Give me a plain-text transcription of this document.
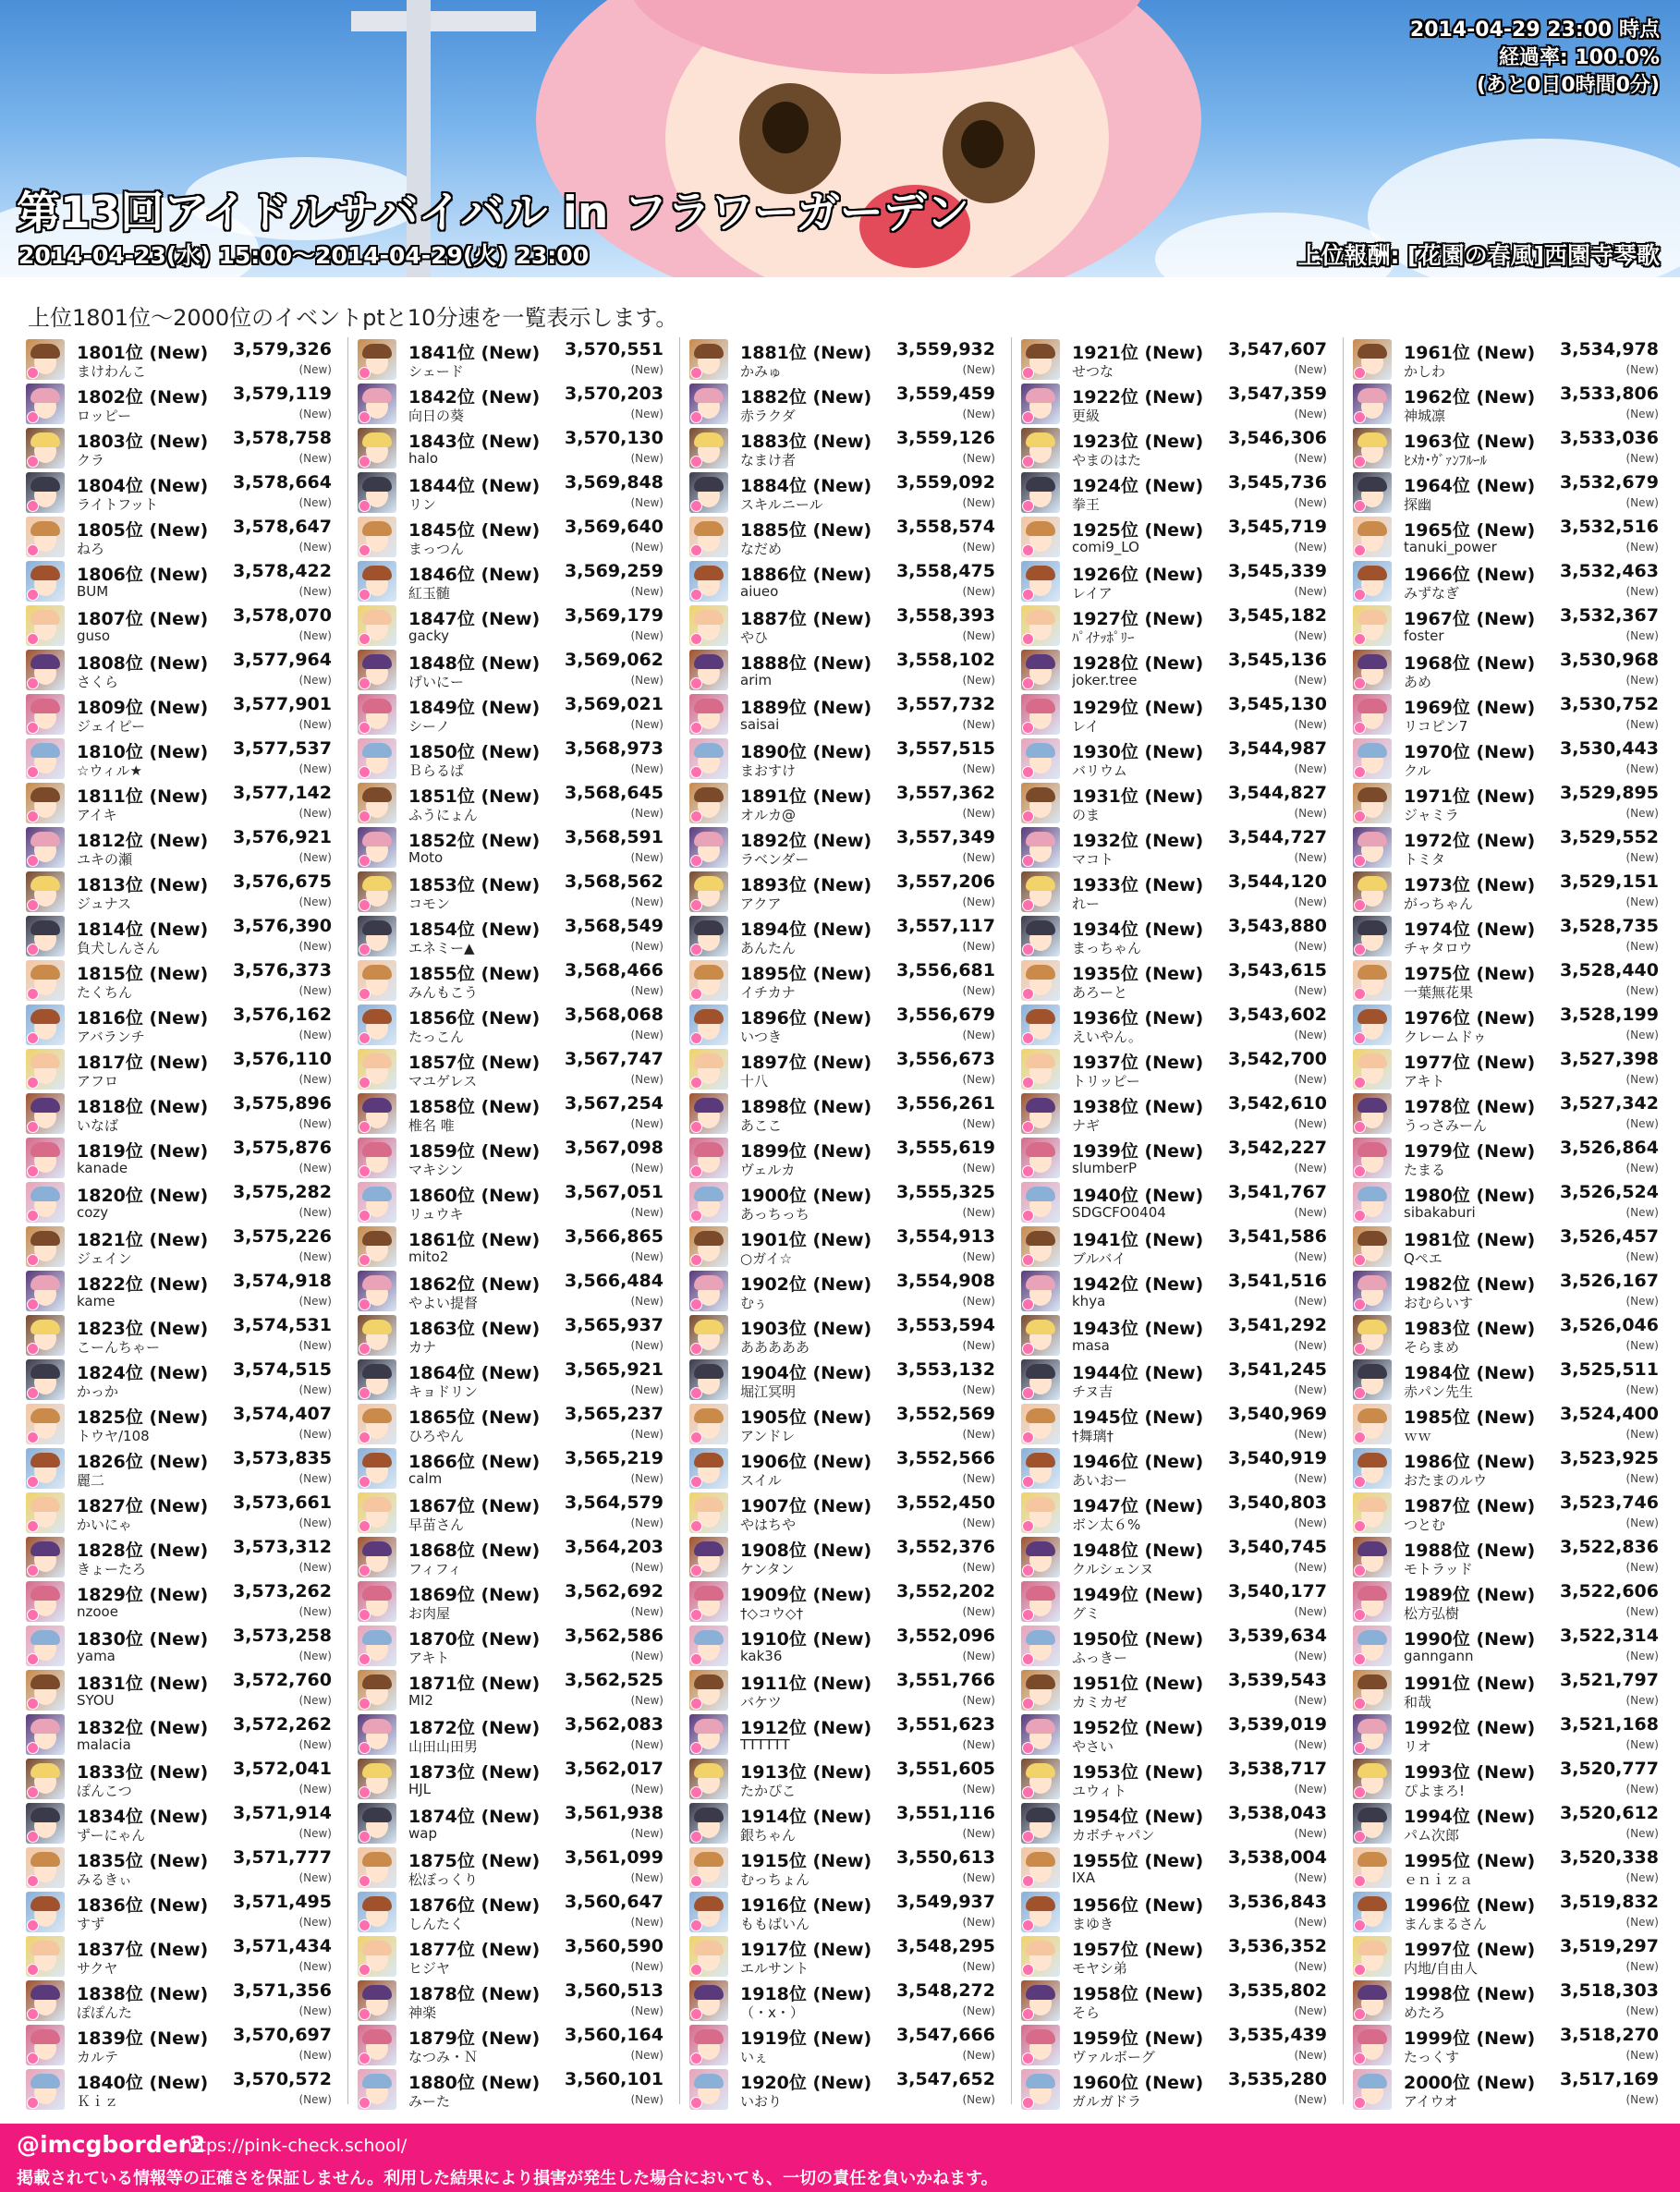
第13回アイドルサバイバル in フラワーガーデン
2014-04-23(水) 15:00～2014-04-29(火) 23:00
2014-04-29 23:00 時点
経過率: 100.0%
(あと0日0時間0分)
上位報酬: [花園の春風]西園寺琴歌
上位1801位～2000位のイベントptと10分速を一覧表示します。
1801位 (New) 3,579,326
まけわんこ	(New)
1802位 (New) 3,579,119
ロッピー	(New)
1803位 (New) 3,578,758
クラ	(New)
1804位 (New) 3,578,664
ライトフット	(New)
1805位 (New) 3,578,647
ねろ	(New)
1806位 (New) 3,578,422
BUM	(New)
1807位 (New) 3,578,070
guso	(New)
1808位 (New) 3,577,964
さくら	(New)
1809位 (New) 3,577,901
ジェイピー	(New)
1810位 (New) 3,577,537
☆ウィル★	(New)
1811位 (New) 3,577,142
アイキ	(New)
1812位 (New) 3,576,921
ユキの瀬	(New)
1813位 (New) 3,576,675
ジュナス	(New)
1814位 (New) 3,576,390
負犬しんさん	(New)
1815位 (New) 3,576,373
たくちん	(New)
1816位 (New) 3,576,162
アバランチ	(New)
1817位 (New) 3,576,110
アフロ	(New)
1818位 (New) 3,575,896
いなば	(New)
1819位 (New) 3,575,876
kanade	(New)
1820位 (New) 3,575,282
cozy	(New)
1821位 (New) 3,575,226
ジェイン	(New)
1822位 (New) 3,574,918
kame	(New)
1823位 (New) 3,574,531
こーんちゃー	(New)
1824位 (New) 3,574,515
かっか	(New)
1825位 (New) 3,574,407
トウヤ/108	(New)
1826位 (New) 3,573,835
麗二	(New)
1827位 (New) 3,573,661
かいにゃ	(New)
1828位 (New) 3,573,312
きょーたろ	(New)
1829位 (New) 3,573,262
nzooe	(New)
1830位 (New) 3,573,258
yama	(New)
1831位 (New) 3,572,760
SYOU	(New)
1832位 (New) 3,572,262
malacia	(New)
1833位 (New) 3,572,041
ぽんこつ	(New)
1834位 (New) 3,571,914
ずーにゃん	(New)
1835位 (New) 3,571,777
みるきぃ	(New)
1836位 (New) 3,571,495
すず	(New)
1837位 (New) 3,571,434
サクヤ	(New)
1838位 (New) 3,571,356
ぽぽんた	(New)
1839位 (New) 3,570,697
カルテ	(New)
1840位 (New) 3,570,572
Ｋｉｚ	(New)
1841位 (New) 3,570,551
シェード	(New)
1842位 (New) 3,570,203
向日の葵	(New)
1843位 (New) 3,570,130
halo	(New)
1844位 (New) 3,569,848
リン	(New)
1845位 (New) 3,569,640
まっつん	(New)
1846位 (New) 3,569,259
紅玉髄	(New)
1847位 (New) 3,569,179
gacky	(New)
1848位 (New) 3,569,062
げいにー	(New)
1849位 (New) 3,569,021
シーノ	(New)
1850位 (New) 3,568,973
Ｂらるば	(New)
1851位 (New) 3,568,645
ふうにょん	(New)
1852位 (New) 3,568,591
Moto	(New)
1853位 (New) 3,568,562
コモン	(New)
1854位 (New) 3,568,549
エネミー▲	(New)
1855位 (New) 3,568,466
みんもこう	(New)
1856位 (New) 3,568,068
たっこん	(New)
1857位 (New) 3,567,747
マユゲレス	(New)
1858位 (New) 3,567,254
椎名 唯	(New)
1859位 (New) 3,567,098
マキシン	(New)
1860位 (New) 3,567,051
リュウキ	(New)
1861位 (New) 3,566,865
mito2	(New)
1862位 (New) 3,566,484
やよい提督	(New)
1863位 (New) 3,565,937
カナ	(New)
1864位 (New) 3,565,921
キョドリン	(New)
1865位 (New) 3,565,237
ひろやん	(New)
1866位 (New) 3,565,219
calm	(New)
1867位 (New) 3,564,579
早苗さん	(New)
1868位 (New) 3,564,203
フィフィ	(New)
1869位 (New) 3,562,692
お肉屋	(New)
1870位 (New) 3,562,586
アキト	(New)
1871位 (New) 3,562,525
MI2	(New)
1872位 (New) 3,562,083
山田山田男	(New)
1873位 (New) 3,562,017
HJL	(New)
1874位 (New) 3,561,938
wap	(New)
1875位 (New) 3,561,099
松ぼっくり	(New)
1876位 (New) 3,560,647
しんたく	(New)
1877位 (New) 3,560,590
ヒジヤ	(New)
1878位 (New) 3,560,513
神楽	(New)
1879位 (New) 3,560,164
なつみ・Ｎ	(New)
1880位 (New) 3,560,101
みーた	(New)
1881位 (New) 3,559,932
かみゅ	(New)
1882位 (New) 3,559,459
赤ラクダ	(New)
1883位 (New) 3,559,126
なまけ者	(New)
1884位 (New) 3,559,092
スキルニール	(New)
1885位 (New) 3,558,574
なだめ	(New)
1886位 (New) 3,558,475
aiueo	(New)
1887位 (New) 3,558,393
やひ	(New)
1888位 (New) 3,558,102
arim	(New)
1889位 (New) 3,557,732
saisai	(New)
1890位 (New) 3,557,515
まおすけ	(New)
1891位 (New) 3,557,362
オルカ@	(New)
1892位 (New) 3,557,349
ラベンダー	(New)
1893位 (New) 3,557,206
アクア	(New)
1894位 (New) 3,557,117
あんたん	(New)
1895位 (New) 3,556,681
イチカナ	(New)
1896位 (New) 3,556,679
いつき	(New)
1897位 (New) 3,556,673
十八	(New)
1898位 (New) 3,556,261
あここ	(New)
1899位 (New) 3,555,619
ヴェルカ	(New)
1900位 (New) 3,555,325
あっちっち	(New)
1901位 (New) 3,554,913
○ガイ☆	(New)
1902位 (New) 3,554,908
むぅ	(New)
1903位 (New) 3,553,594
あああああ	(New)
1904位 (New) 3,553,132
堀江冥明	(New)
1905位 (New) 3,552,569
アンドレ	(New)
1906位 (New) 3,552,566
スイル	(New)
1907位 (New) 3,552,450
やはちや	(New)
1908位 (New) 3,552,376
ケンタン	(New)
1909位 (New) 3,552,202
†◇コウ◇†	(New)
1910位 (New) 3,552,096
kak36	(New)
1911位 (New) 3,551,766
バケツ	(New)
1912位 (New) 3,551,623
TTTTTT	(New)
1913位 (New) 3,551,605
たかぴこ	(New)
1914位 (New) 3,551,116
銀ちゃん	(New)
1915位 (New) 3,550,613
むっちょん	(New)
1916位 (New) 3,549,937
ももばいん	(New)
1917位 (New) 3,548,295
エルサント	(New)
1918位 (New) 3,548,272
（・x・）	(New)
1919位 (New) 3,547,666
いぇ	(New)
1920位 (New) 3,547,652
いおり	(New)
1921位 (New) 3,547,607
せつな	(New)
1922位 (New) 3,547,359
更級	(New)
1923位 (New) 3,546,306
やまのはた	(New)
1924位 (New) 3,545,736
拳王	(New)
1925位 (New) 3,545,719
comi9_LO	(New)
1926位 (New) 3,545,339
レイア	(New)
1927位 (New) 3,545,182
ﾊﾟｲﾅｯﾎﾟﾘｰ	(New)
1928位 (New) 3,545,136
joker.tree	(New)
1929位 (New) 3,545,130
レイ	(New)
1930位 (New) 3,544,987
バリウム	(New)
1931位 (New) 3,544,827
のま	(New)
1932位 (New) 3,544,727
マコト	(New)
1933位 (New) 3,544,120
れー	(New)
1934位 (New) 3,543,880
まっちゃん	(New)
1935位 (New) 3,543,615
あろーと	(New)
1936位 (New) 3,543,602
えいやん。	(New)
1937位 (New) 3,542,700
トリッピー	(New)
1938位 (New) 3,542,610
ナギ	(New)
1939位 (New) 3,542,227
slumberP	(New)
1940位 (New) 3,541,767
SDGCFO0404	(New)
1941位 (New) 3,541,586
ブルバイ	(New)
1942位 (New) 3,541,516
khya	(New)
1943位 (New) 3,541,292
masa	(New)
1944位 (New) 3,541,245
チヌ吉	(New)
1945位 (New) 3,540,969
†舞璃†	(New)
1946位 (New) 3,540,919
あいおー	(New)
1947位 (New) 3,540,803
ボン太６%	(New)
1948位 (New) 3,540,745
クルシェンヌ	(New)
1949位 (New) 3,540,177
グミ	(New)
1950位 (New) 3,539,634
ふっきー	(New)
1951位 (New) 3,539,543
カミカゼ	(New)
1952位 (New) 3,539,019
やさい	(New)
1953位 (New) 3,538,717
ユウィト	(New)
1954位 (New) 3,538,043
カボチャパン	(New)
1955位 (New) 3,538,004
IXA	(New)
1956位 (New) 3,536,843
まゆき	(New)
1957位 (New) 3,536,352
モヤシ弟	(New)
1958位 (New) 3,535,802
そら	(New)
1959位 (New) 3,535,439
ヴァルボーグ	(New)
1960位 (New) 3,535,280
ガルガドラ	(New)
1961位 (New) 3,534,978
かしわ	(New)
1962位 (New) 3,533,806
神城凛	(New)
1963位 (New) 3,533,036
ﾋﾒｶ･ｳﾞｧﾝﾌﾙｰﾙ	(New)
1964位 (New) 3,532,679
探幽	(New)
1965位 (New) 3,532,516
tanuki_power	(New)
1966位 (New) 3,532,463
みずなぎ	(New)
1967位 (New) 3,532,367
foster	(New)
1968位 (New) 3,530,968
あめ	(New)
1969位 (New) 3,530,752
リコピン7	(New)
1970位 (New) 3,530,443
クル	(New)
1971位 (New) 3,529,895
ジャミラ	(New)
1972位 (New) 3,529,552
トミタ	(New)
1973位 (New) 3,529,151
がっちゃん	(New)
1974位 (New) 3,528,735
チャタロウ	(New)
1975位 (New) 3,528,440
一葉無花果	(New)
1976位 (New) 3,528,199
クレームドゥ	(New)
1977位 (New) 3,527,398
アキト	(New)
1978位 (New) 3,527,342
うっさみーん	(New)
1979位 (New) 3,526,864
たまる	(New)
1980位 (New) 3,526,524
sibakaburi	(New)
1981位 (New) 3,526,457
Qペエ	(New)
1982位 (New) 3,526,167
おむらいす	(New)
1983位 (New) 3,526,046
そらまめ	(New)
1984位 (New) 3,525,511
赤パン先生	(New)
1985位 (New) 3,524,400
ｗｗ	(New)
1986位 (New) 3,523,925
おたまのルウ	(New)
1987位 (New) 3,523,746
つとむ	(New)
1988位 (New) 3,522,836
モトラッド	(New)
1989位 (New) 3,522,606
松方弘樹	(New)
1990位 (New) 3,522,314
ganngann	(New)
1991位 (New) 3,521,797
和哉	(New)
1992位 (New) 3,521,168
リオ	(New)
1993位 (New) 3,520,777
ぴよまろ!	(New)
1994位 (New) 3,520,612
パム次郎	(New)
1995位 (New) 3,520,338
ｅｎｉｚａ	(New)
1996位 (New) 3,519,832
まんまるさん	(New)
1997位 (New) 3,519,297
内地/自由人	(New)
1998位 (New) 3,518,303
めたろ	(New)
1999位 (New) 3,518,270
たっくす	(New)
2000位 (New) 3,517,169
アイウオ	(New)
@imcgborder2
https://pink-check.school/
掲載されている情報等の正確さを保証しません。利用した結果により損害が発生した場合においても、一切の責任を負いかねます。
